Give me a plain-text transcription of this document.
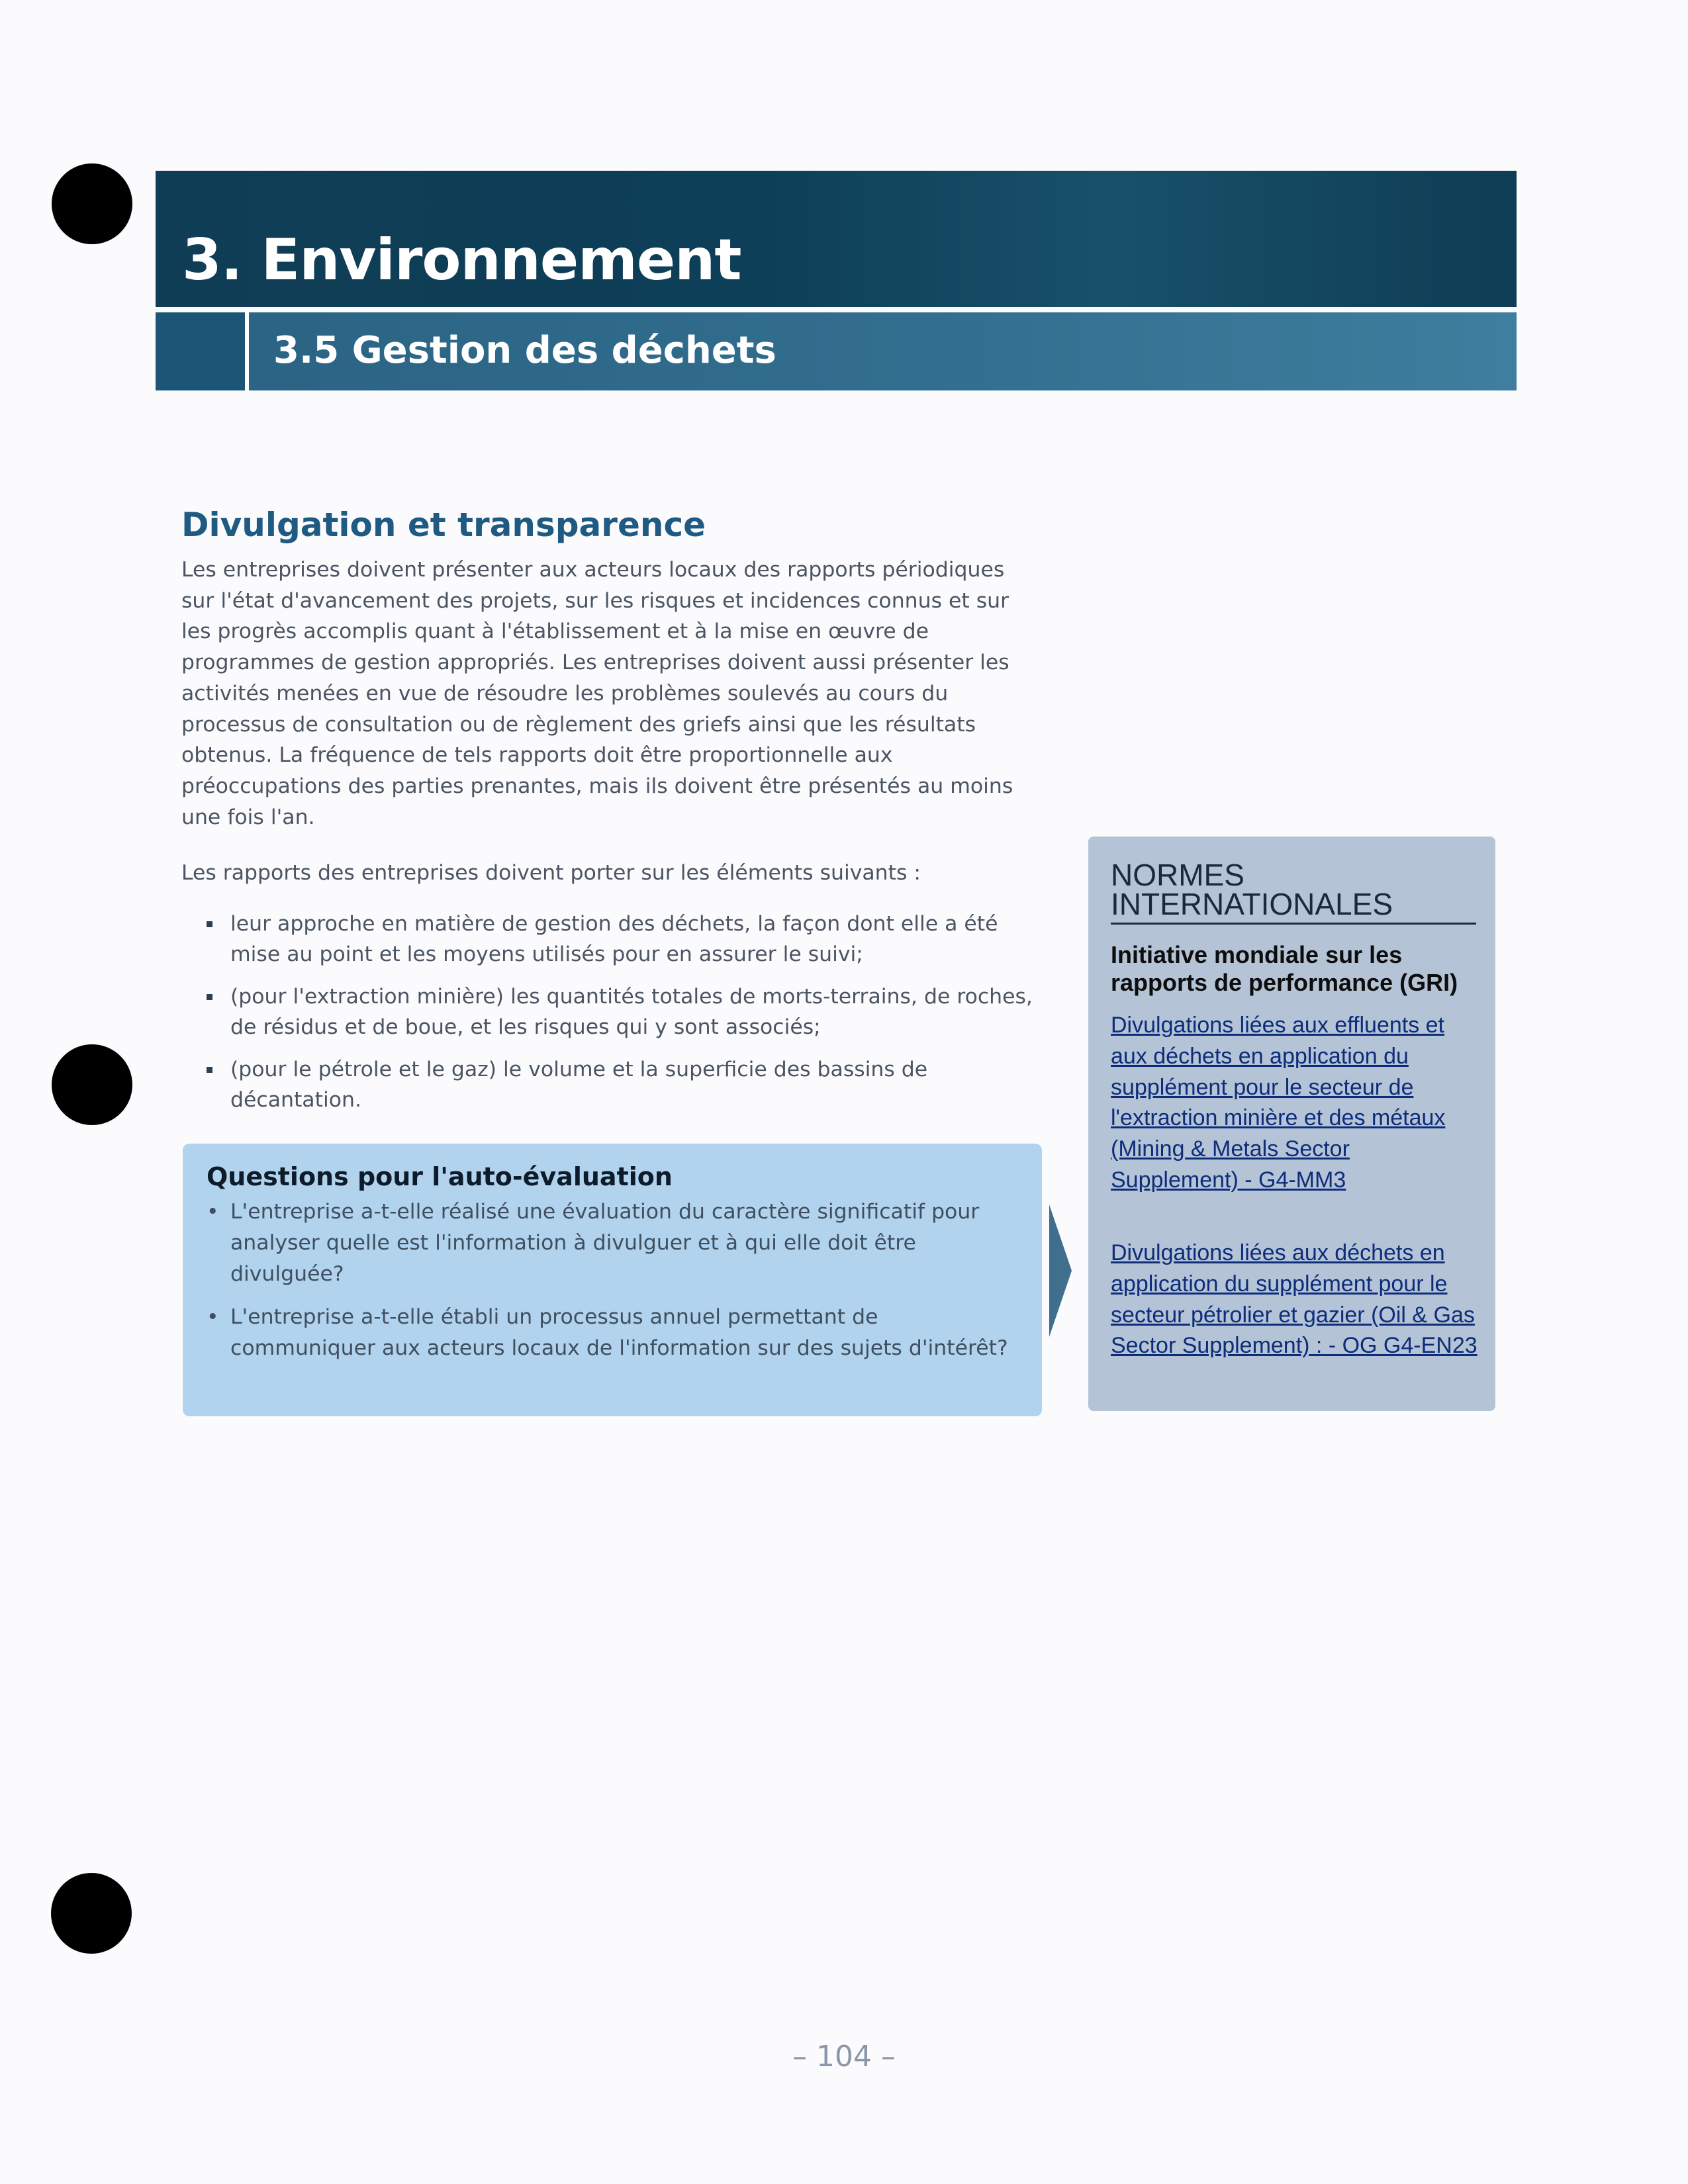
3. Environnement
3.5 Gestion des déchets
Divulgation et transparence
Les entreprises doivent présenter aux acteurs locaux des rapports périodiques sur l'état d'avancement des projets, sur les risques et incidences connus et sur les progrès accomplis quant à l'établissement et à la mise en œuvre de programmes de gestion appropriés. Les entreprises doivent aussi présenter les activités menées en vue de résoudre les problèmes soulevés au cours du processus de consultation ou de règlement des griefs ainsi que les résultats obtenus. La fréquence de tels rapports doit être proportionnelle aux préoccupations des parties prenantes, mais ils doivent être présentés au moins une fois l'an.
Les rapports des entreprises doivent porter sur les éléments suivants :
leur approche en matière de gestion des déchets, la façon dont elle a été mise au point et les moyens utilisés pour en assurer le suivi;
(pour l'extraction minière) les quantités totales de morts-terrains, de roches, de résidus et de boue, et les risques qui y sont associés;
(pour le pétrole et le gaz) le volume et la superficie des bassins de décantation.
Questions pour l'auto-évaluation
• L'entreprise a-t-elle réalisé une évaluation du caractère significatif pour analyser quelle est l'information à divulguer et à qui elle doit être divulguée?
• L'entreprise a-t-elle établi un processus annuel permettant de communiquer aux acteurs locaux de l'information sur des sujets d'intérêt?
NORMES INTERNATIONALES
Initiative mondiale sur les rapports de performance (GRI)
Divulgations liées aux effluents et aux déchets en application du supplément pour le secteur de l'extraction minière et des métaux (Mining & Metals Sector Supplement) - G4-MM3
Divulgations liées aux déchets en application du supplément pour le secteur pétrolier et gazier (Oil & Gas Sector Supplement) : - OG G4-EN23
– 104 –
